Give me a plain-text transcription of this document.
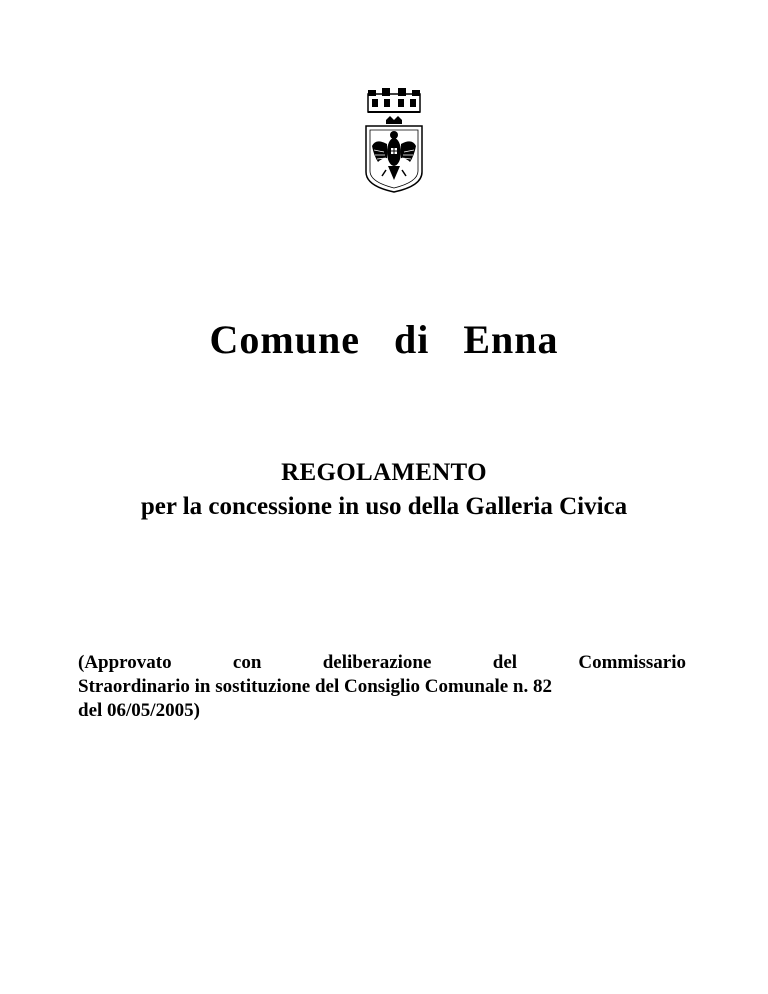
Comune  di  Enna
REGOLAMENTO
per la concessione in uso della Galleria Civica
(Approvato	con	deliberazione	del	Commissario
Straordinario in sostituzione del Consiglio Comunale n. 82
del 06/05/2005)
